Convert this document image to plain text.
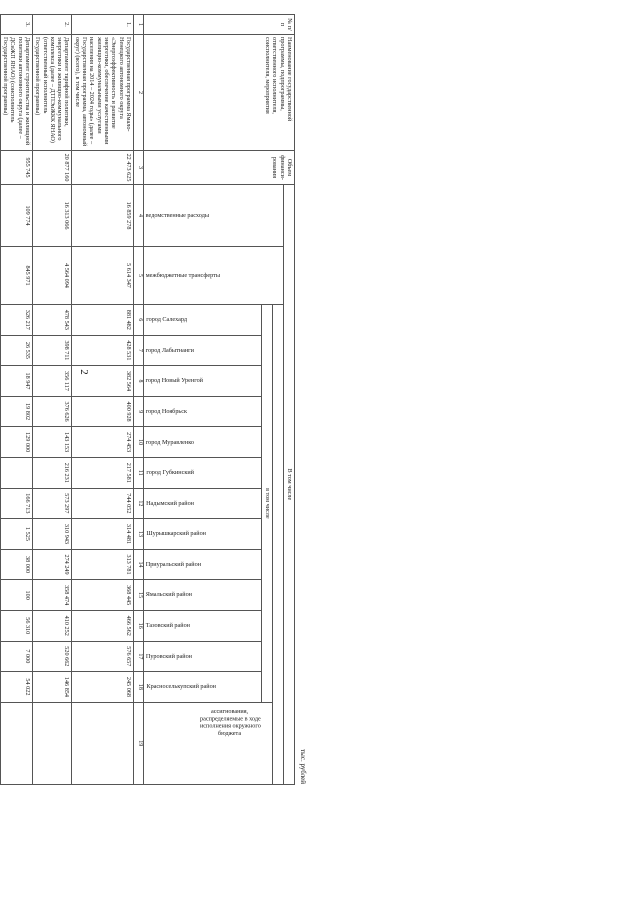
2
тыс. рублей
№ п/п	Наименование государственной программы, подпрограммы, ответственного исполнителя, соисполнителя, мероприятия	Объем финанси-рования	В том числе															

			ведомственные расходы	межбюджетные трансферты														

					в том числе													ассигнования, распределяемые в ходе исполнения окружного бюджета

					город Салехард	город Лабытнанги	город Новый Уренгой	город Ноябрьск	город Муравленко	город Губкинский	Надымский район	Шурышкарский район	Приуральский район	Ямальский район	Тазовский район	Пуровский район	Красноселькупский район	

1	2	3	4	5	6	7	8	9	10	11	12	13	14	15	16	17	18	19
1.	Государственная программа Ямало-Ненецкого автономного округа «Энергоэффективность и развитие энергетики, обеспечение качественными жилищно-коммунальными услугами населения на 2014 – 2024 годы» (далее – Государственная программа, автономный округ) (всего), в том числе	22 473 625	16 859 278	5 614 347	881 482	428 531	382 564	400 928	274 453	217 581	744 052	314 481	313 781	368 445	466 562	576 657	245 068	
2.	Департамент тарифной политики, энергетики и жилищно-коммунального комплекса (далее – ДТПЭиЖКК ЯНАО) (ответственный исполнитель Государственной программы)	20 877 160	16 313 066	4 564 094	478 543	398 711	356 117	376 626	143 153	216 231	573 297	310 943	274 249	358 474	410 252	520 662	146 854	
3.	Департамент строительства и жилищной политики автономного округа (далее – ДСиЖП ЯНАО) (соисполнитель Государственной программы)	955 745	109 774	845 971	326 217	26 535	18 947	19 802	129 000		166 713	1 525	38 000	100	56 310	7 000	54 022	
